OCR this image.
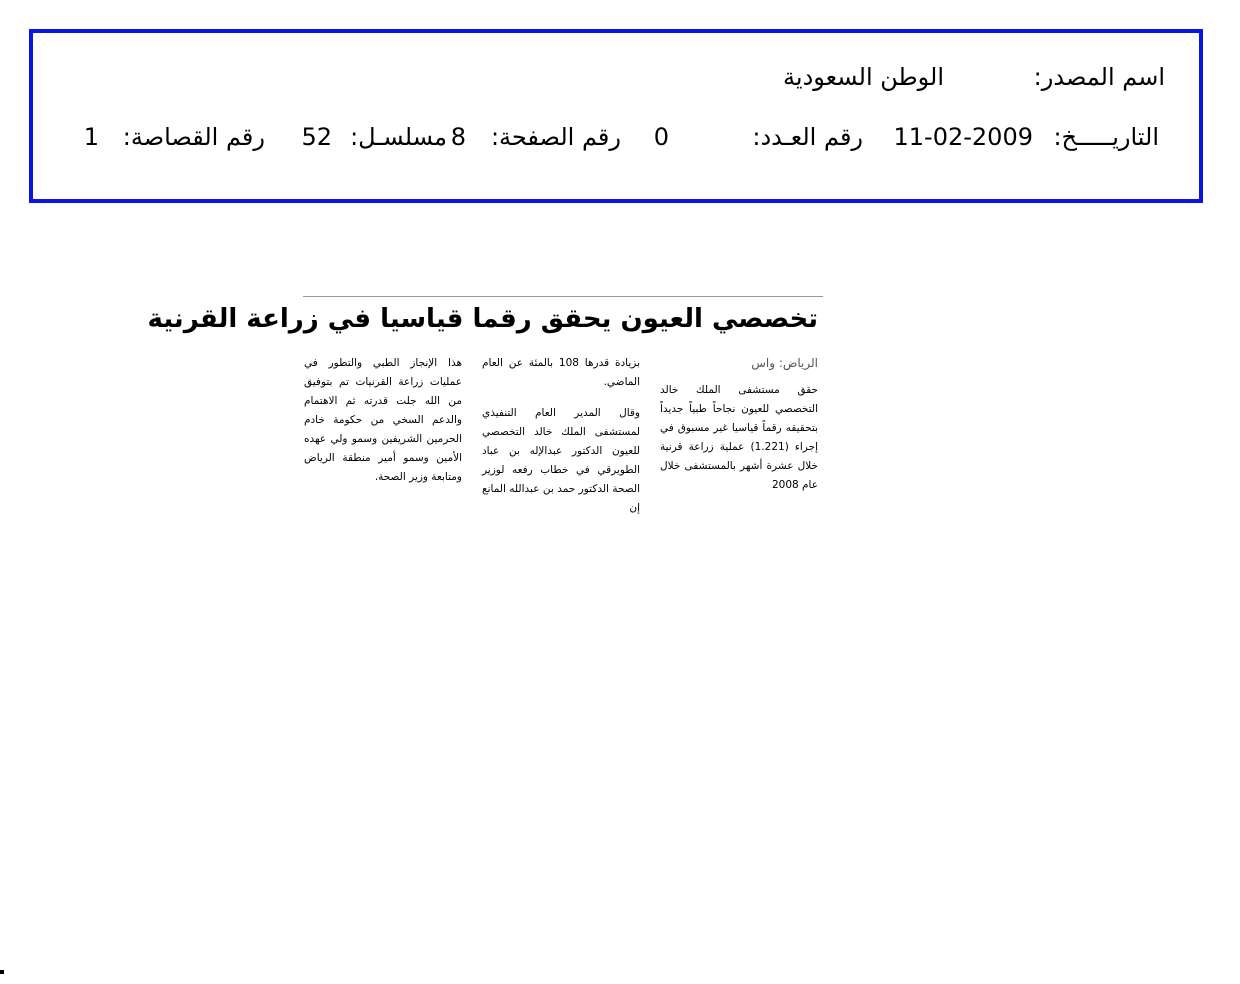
اسم المصدر:
الوطن السعودية
التاريـــــخ:
11-02-2009
رقم العـدد:
0
رقم الصفحة:
8
مسلسـل:
52
رقم القصاصة:
1
تخصصي العيون يحقق رقما قياسيا في زراعة القرنية

الرياض: واس

حقق مستشفى الملك خالد التخصصي للعيون نجاحاً طبياً جديداً بتحقيقه رقماً قياسيا غير مسبوق في إجراء (1.221) عملية زراعة قرنية خلال عشرة أشهر بالمستشفى خلال عام 2008

بزيادة قدرها 108 بالمئة عن العام الماضي.

وقال المدير العام التنفيذي لمستشفى الملك خالد التخصصي للعيون الدكتور عبدالإله بن عباد الطويرقي في خطاب رفعه لوزير الصحة الدكتور حمد بن عبدالله المانع إن

هذا الإنجاز الطبي والتطور في عمليات زراعة القرنيات تم بتوفيق من الله جلت قدرته ثم الاهتمام والدعم السخي من حكومة خادم الحرمين الشريفين وسمو ولي عهده الأمين وسمو أمير منطقة الرياض ومتابعة وزير الصحة.
